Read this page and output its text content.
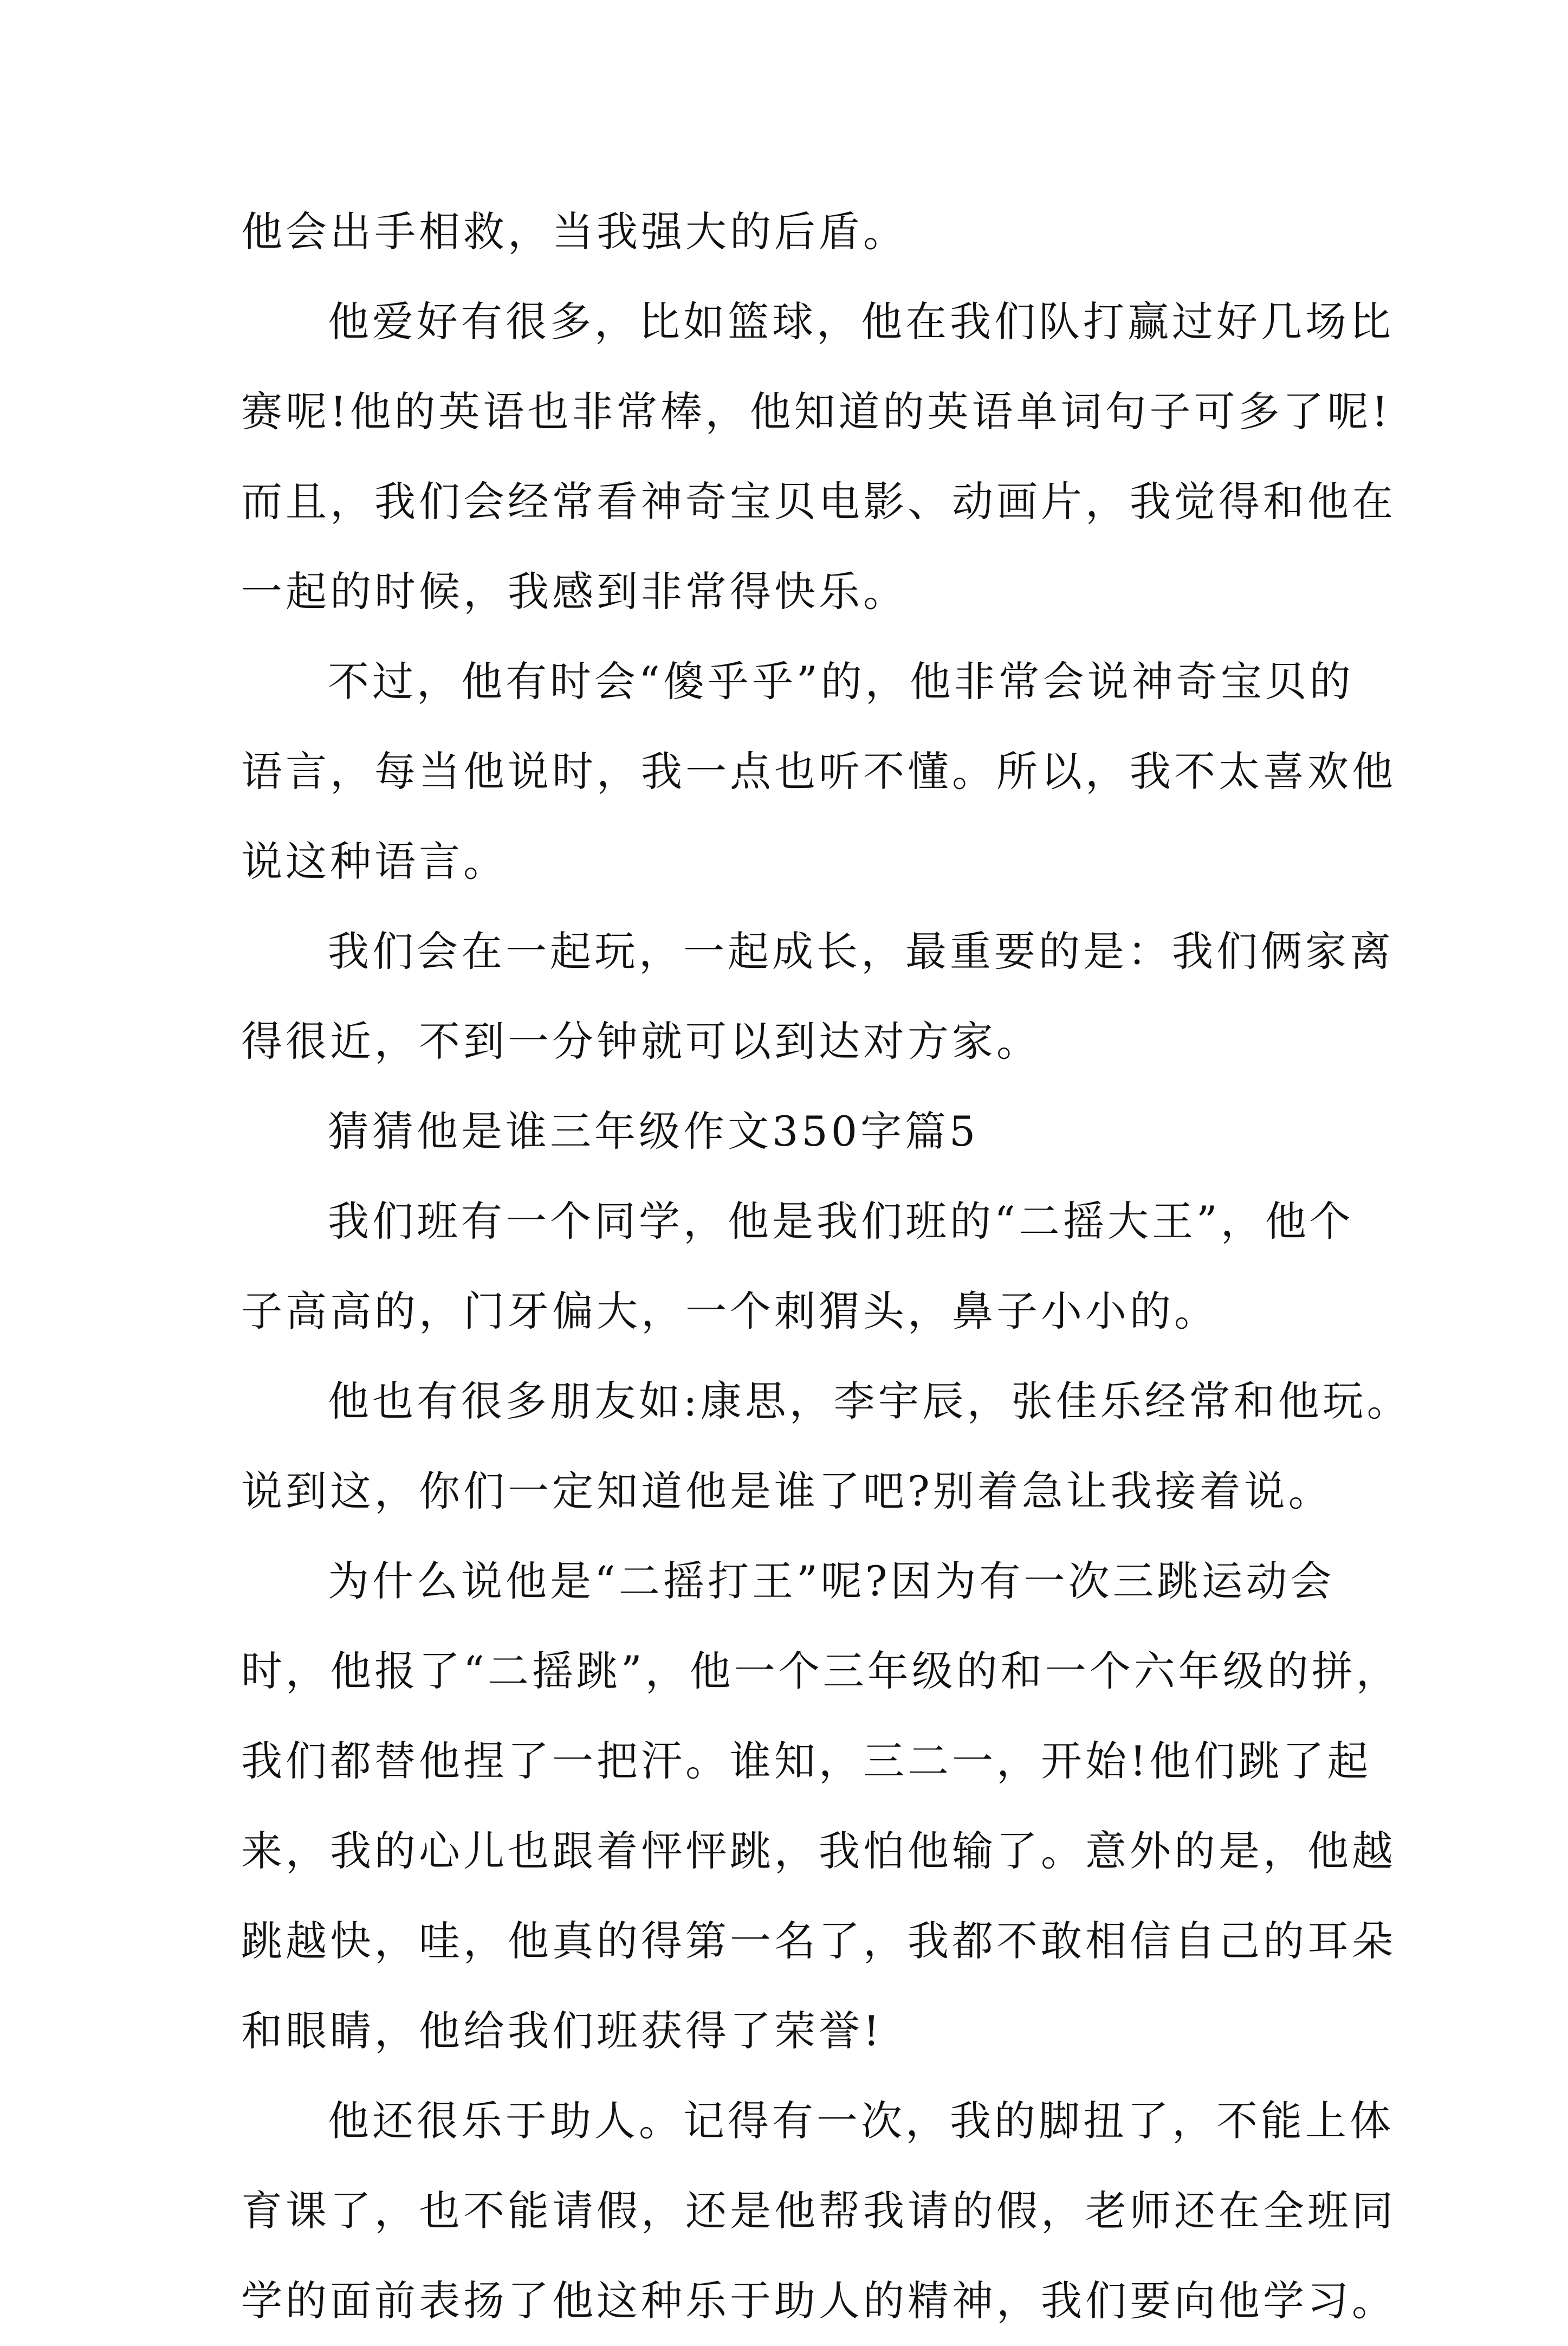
他会出手相救，当我强大的后盾。
他爱好有很多，比如篮球，他在我们队打赢过好几场比
赛呢!他的英语也非常棒，他知道的英语单词句子可多了呢!
而且，我们会经常看神奇宝贝电影、动画片，我觉得和他在
一起的时候，我感到非常得快乐。
不过，他有时会“傻乎乎”的，他非常会说神奇宝贝的
语言，每当他说时，我一点也听不懂。所以，我不太喜欢他
说这种语言。
我们会在一起玩，一起成长，最重要的是：我们俩家离
得很近，不到一分钟就可以到达对方家。
猜猜他是谁三年级作文350字篇5
我们班有一个同学，他是我们班的“二摇大王”，他个
子高高的，门牙偏大，一个刺猬头，鼻子小小的。
他也有很多朋友如:康思，李宇辰，张佳乐经常和他玩。
说到这，你们一定知道他是谁了吧?别着急让我接着说。
为什么说他是“二摇打王”呢?因为有一次三跳运动会
时，他报了“二摇跳”，他一个三年级的和一个六年级的拼，
我们都替他捏了一把汗。谁知，三二一，开始!他们跳了起
来，我的心儿也跟着怦怦跳，我怕他输了。意外的是，他越
跳越快，哇，他真的得第一名了，我都不敢相信自己的耳朵
和眼睛，他给我们班获得了荣誉!
他还很乐于助人。记得有一次，我的脚扭了，不能上体
育课了，也不能请假，还是他帮我请的假，老师还在全班同
学的面前表扬了他这种乐于助人的精神，我们要向他学习。
